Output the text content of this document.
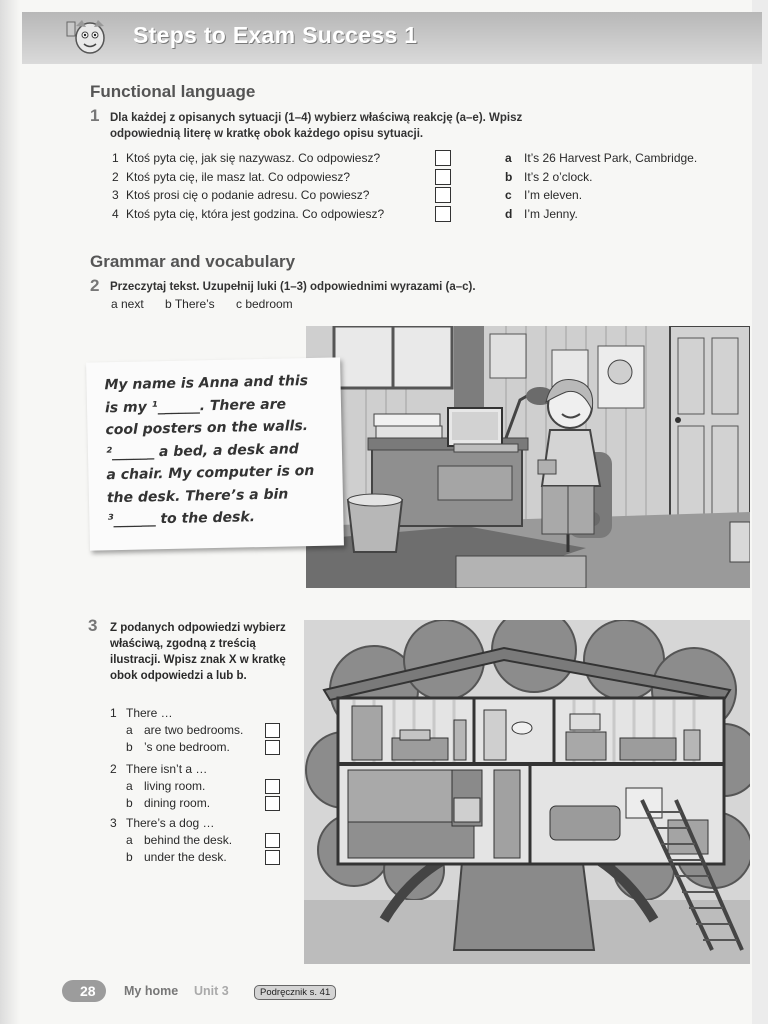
Steps to Exam Success 1
Functional language
1 Dla każdej z opisanych sytuacji (1–4) wybierz właściwą reakcję (a–e). Wpisz odpowiednią literę w kratkę obok każdego opisu sytuacji.

1 Ktoś pyta cię, jak się nazywasz. Co odpowiesz?	a It’s 26 Harvest Park, Cambridge.
2 Ktoś pyta cię, ile masz lat. Co odpowiesz?	b It’s 2 o’clock.
3 Ktoś prosi cię o podanie adresu. Co powiesz?	c I’m eleven.
4 Ktoś pyta cię, która jest godzina. Co odpowiesz?	d I’m Jenny.
Grammar and vocabulary
2 Przeczytaj tekst. Uzupełnij luki (1–3) odpowiednimi wyrazami (a–c).

a next b There’s c bedroom
My name is Anna and this
is my ¹______. There are
cool posters on the walls.
²______ a bed, a desk and
a chair. My computer is on
the desk. There’s a bin
³______ to the desk.
3 Z podanych odpowiedzi wybierz właściwą, zgodną z treścią ilustracji. Wpisz znak X w kratkę obok odpowiedzi a lub b.

1 There …
a are two bedrooms.
b ’s one bedroom.
2 There isn’t a …
a living room.
b dining room.
3 There’s a dog …
a behind the desk.
b under the desk.
28 My home Unit 3	Podręcznik s. 41
